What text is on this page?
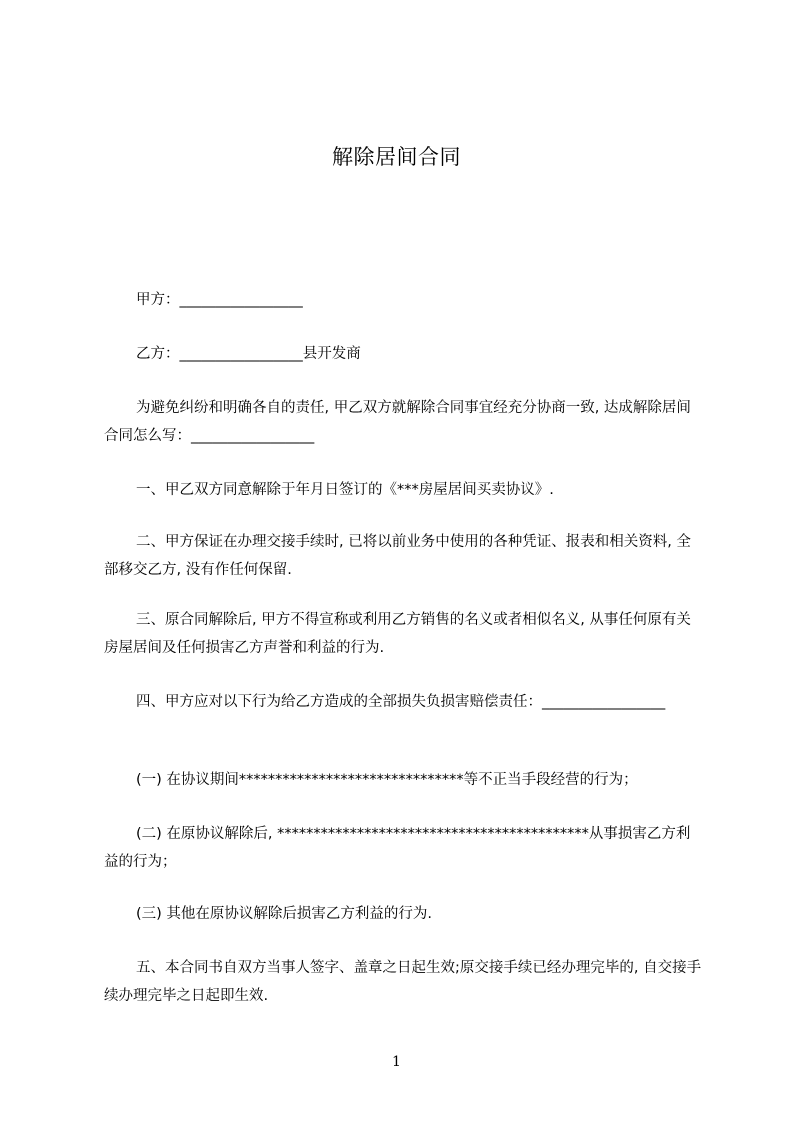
解除居间合同
甲方：_________________
乙方：_________________县开发商
为避免纠纷和明确各自的责任, 甲乙双方就解除合同事宜经充分协商一致, 达成解除居间合同怎么写：_________________
一、甲乙双方同意解除于年月日签订的《***房屋居间买卖协议》.
二、甲方保证在办理交接手续时, 已将以前业务中使用的各种凭证、报表和相关资料, 全部移交乙方, 没有作任何保留.
三、原合同解除后, 甲方不得宣称或利用乙方销售的名义或者相似名义, 从事任何原有关房屋居间及任何损害乙方声誉和利益的行为.
四、甲方应对以下行为给乙方造成的全部损失负损害赔偿责任：_________________
(一) 在协议期间*******************************等不正当手段经营的行为；
(二) 在原协议解除后, *******************************************从事损害乙方利益的行为；
(三) 其他在原协议解除后损害乙方利益的行为.
五、本合同书自双方当事人签字、盖章之日起生效;原交接手续已经办理完毕的, 自交接手续办理完毕之日起即生效.
1
